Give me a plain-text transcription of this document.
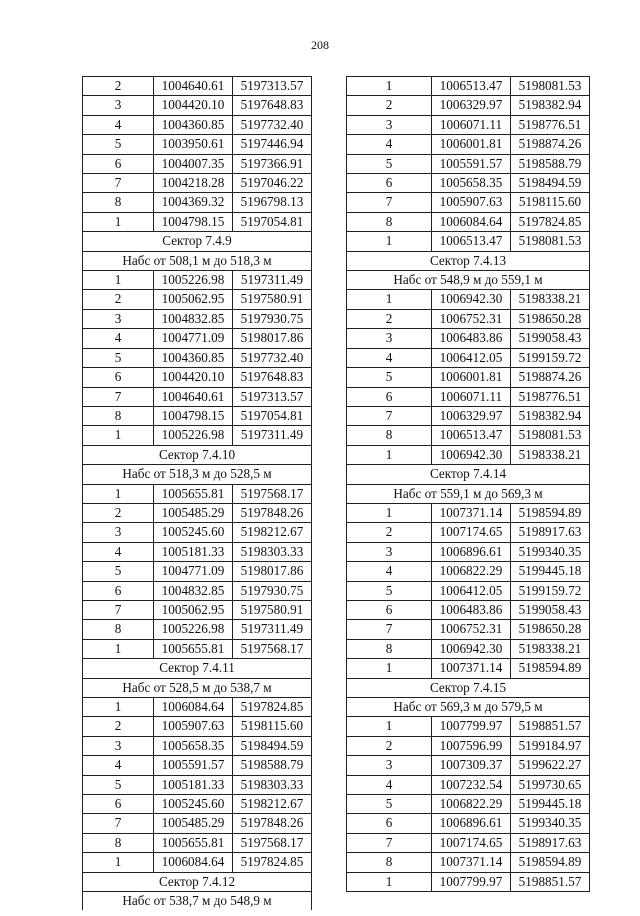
208
2	1004640.61	5197313.57
3	1004420.10	5197648.83
4	1004360.85	5197732.40
5	1003950.61	5197446.94
6	1004007.35	5197366.91
7	1004218.28	5197046.22
8	1004369.32	5196798.13
1	1004798.15	5197054.81
Сектор 7.4.9		
Набс от 508,1 м до 518,3 м		
1	1005226.98	5197311.49
2	1005062.95	5197580.91
3	1004832.85	5197930.75
4	1004771.09	5198017.86
5	1004360.85	5197732.40
6	1004420.10	5197648.83
7	1004640.61	5197313.57
8	1004798.15	5197054.81
1	1005226.98	5197311.49
Сектор 7.4.10		
Набс от 518,3 м до 528,5 м		
1	1005655.81	5197568.17
2	1005485.29	5197848.26
3	1005245.60	5198212.67
4	1005181.33	5198303.33
5	1004771.09	5198017.86
6	1004832.85	5197930.75
7	1005062.95	5197580.91
8	1005226.98	5197311.49
1	1005655.81	5197568.17
Сектор 7.4.11		
Набс от 528,5 м до 538,7 м		
1	1006084.64	5197824.85
2	1005907.63	5198115.60
3	1005658.35	5198494.59
4	1005591.57	5198588.79
5	1005181.33	5198303.33
6	1005245.60	5198212.67
7	1005485.29	5197848.26
8	1005655.81	5197568.17
1	1006084.64	5197824.85
Сектор 7.4.12		
Набс от 538,7 м до 548,9 м		
1	1006513.47	5198081.53
2	1006329.97	5198382.94
3	1006071.11	5198776.51
4	1006001.81	5198874.26
5	1005591.57	5198588.79
6	1005658.35	5198494.59
7	1005907.63	5198115.60
8	1006084.64	5197824.85
1	1006513.47	5198081.53
Сектор 7.4.13		
Набс от 548,9 м до 559,1 м		
1	1006942.30	5198338.21
2	1006752.31	5198650.28
3	1006483.86	5199058.43
4	1006412.05	5199159.72
5	1006001.81	5198874.26
6	1006071.11	5198776.51
7	1006329.97	5198382.94
8	1006513.47	5198081.53
1	1006942.30	5198338.21
Сектор 7.4.14		
Набс от 559,1 м до 569,3 м		
1	1007371.14	5198594.89
2	1007174.65	5198917.63
3	1006896.61	5199340.35
4	1006822.29	5199445.18
5	1006412.05	5199159.72
6	1006483.86	5199058.43
7	1006752.31	5198650.28
8	1006942.30	5198338.21
1	1007371.14	5198594.89
Сектор 7.4.15		
Набс от 569,3 м до 579,5 м		
1	1007799.97	5198851.57
2	1007596.99	5199184.97
3	1007309.37	5199622.27
4	1007232.54	5199730.65
5	1006822.29	5199445.18
6	1006896.61	5199340.35
7	1007174.65	5198917.63
8	1007371.14	5198594.89
1	1007799.97	5198851.57
